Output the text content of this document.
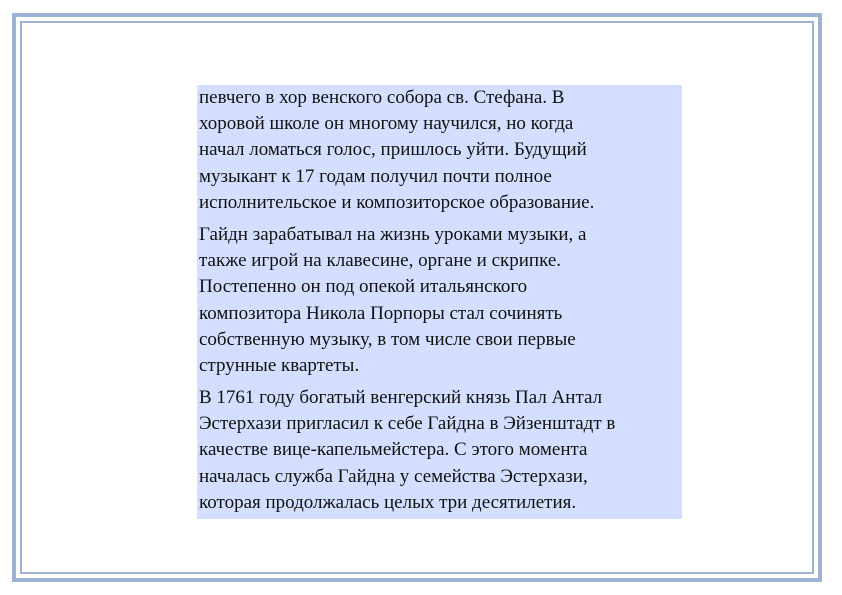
певчего в хор венского собора св. Стефана. В
хоровой школе он многому научился, но когда
начал ломаться голос, пришлось уйти. Будущий
музыкант к 17 годам получил почти полное
исполнительское и композиторское образование.

Гайдн зарабатывал на жизнь уроками музыки, а
также игрой на клавесине, органе и скрипке.
Постепенно он под опекой итальянского
композитора Никола Порпоры стал сочинять
собственную музыку, в том числе свои первые
струнные квартеты.

В 1761 году богатый венгерский князь Пал Антал
Эстерхази пригласил к себе Гайдна в Эйзенштадт в
качестве вице-капельмейстера. С этого момента
началась служба Гайдна у семейства Эстерхази,
которая продолжалась целых три десятилетия.
